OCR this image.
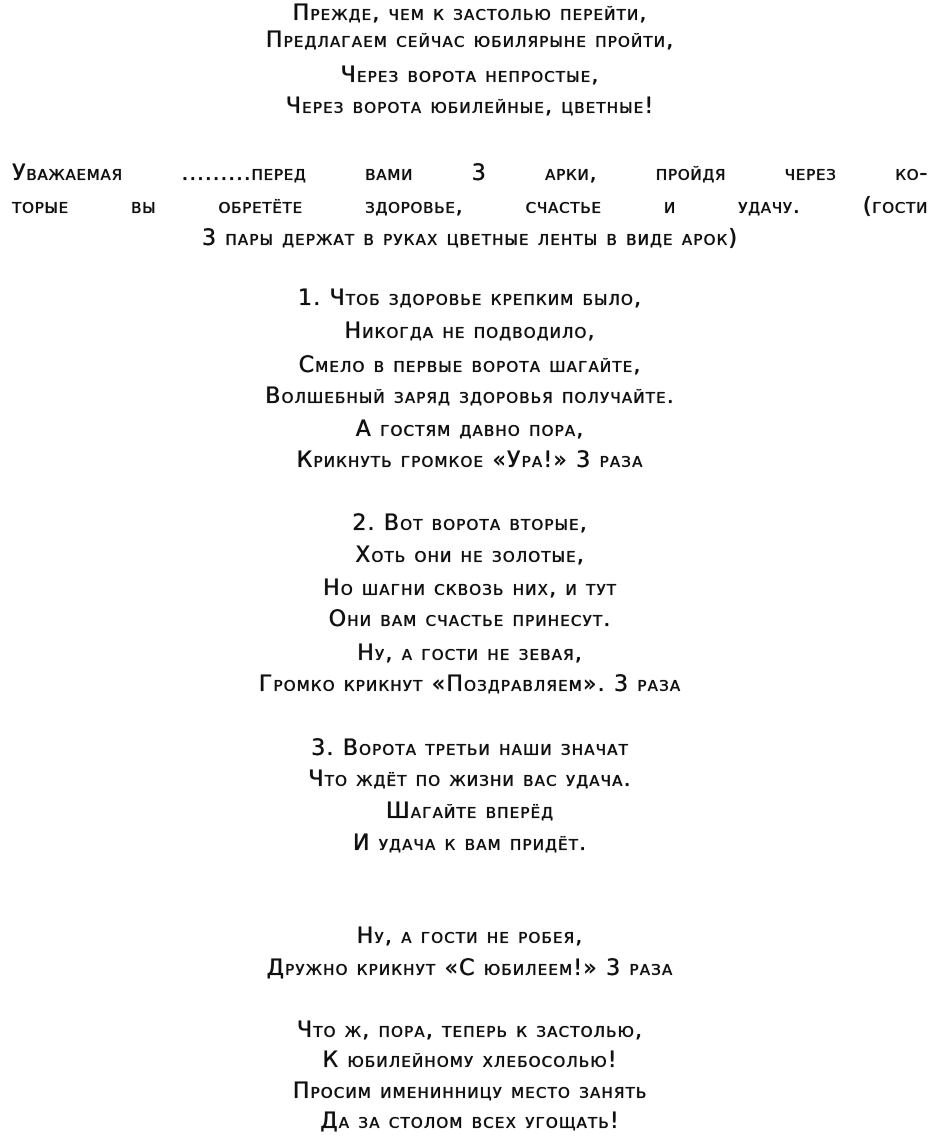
Прежде, чем к застолью перейти,
Предлагаем сейчас юбилярыне пройти,
Через ворота непростые,
Через ворота юбилейные, цветные!
Уважаемая .........перед вами 3 арки, пройдя через ко-
торые вы обретёте здоровье, счастье и удачу. (гости
3 пары держат в руках цветные ленты в виде арок)
1. Чтоб здоровье крепким было,
Никогда не подводило,
Смело в первые ворота шагайте,
Волшебный заряд здоровья получайте.
А гостям давно пора,
Крикнуть громкое «Ура!» 3 раза
2. Вот ворота вторые,
Хоть они не золотые,
Но шагни сквозь них, и тут
Они вам счастье принесут.
Ну, а гости не зевая,
Громко крикнут «Поздравляем». 3 раза
3. Ворота третьи наши значат
Что ждёт по жизни вас удача.
Шагайте вперёд
И удача к вам придёт.
Ну, а гости не робея,
Дружно крикнут «С юбилеем!» 3 раза
Что ж, пора, теперь к застолью,
К юбилейному хлебосолью!
Просим именинницу место занять
Да за столом всех угощать!
